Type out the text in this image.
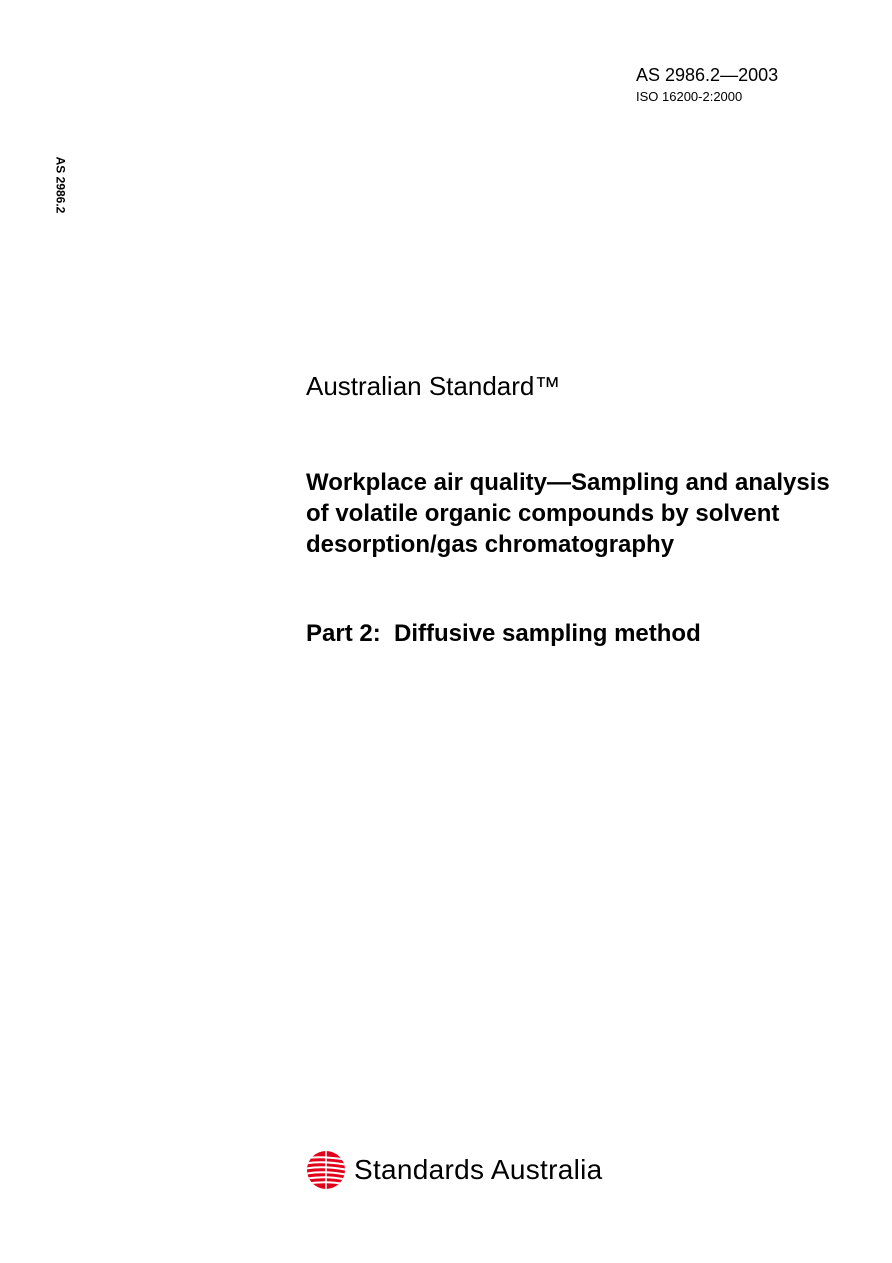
AS 2986.2—2003
ISO 16200-2:2000
AS 2986.2
Australian Standard™
Workplace air quality—Sampling and analysis of volatile organic compounds by solvent desorption/gas chromatography
Part 2:  Diffusive sampling method
Standards Australia
